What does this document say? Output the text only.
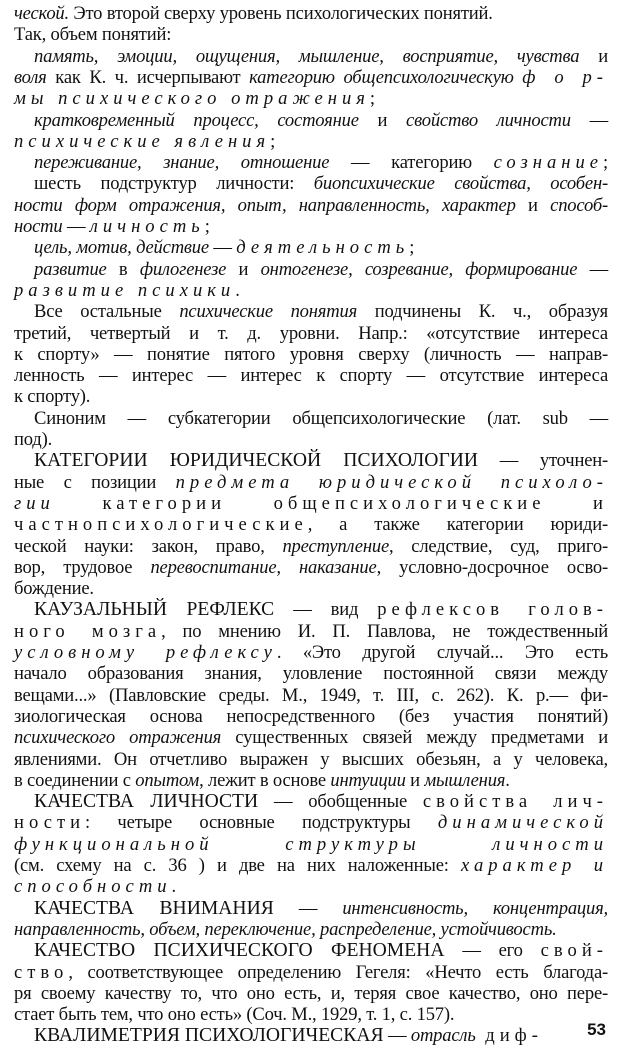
ческой. Это второй сверху уровень психологических понятий.
Так, объем понятий:
память, эмоции, ощущения, мышление, восприятие, чувства и
воля как К. ч. исчерпывают категорию общепсихологическую ф о р-
мы психического отражения;
кратковременный процесс, состояние и свойство личности —
психические явления;
переживание, знание, отношение — категорию сознание;
шесть подструктур личности: биопсихические свойства, особен-
ности форм отражения, опыт, направленность, характер и способ-
ности — личность;
цель, мотив, действие — деятельность;
развитие в филогенезе и онтогенезе, созревание, формирование —
развитие психики.
Все остальные психические понятия подчинены К. ч., образуя
третий, четвертый и т. д. уровни. Напр.: «отсутствие интереса
к спорту» — понятие пятого уровня сверху (личность — направ-
ленность — интерес — интерес к спорту — отсутствие интереса
к спорту).
Синоним — субкатегории общепсихологические (лат. sub —
под).
КАТЕГОРИИ ЮРИДИЧЕСКОЙ ПСИХОЛОГИИ — уточнен-
ные с позиции предмета юридической психоло-
гии категории общепсихологические и
частнопсихологические, а также категории юриди-
ческой науки: закон, право, преступление, следствие, суд, приго-
вор, трудовое перевоспитание, наказание, условно-досрочное осво-
бождение.
КАУЗАЛЬНЫЙ РЕФЛЕКС — вид рефлексов голов-
ного мозга, по мнению И. П. Павлова, не тождественный
условному рефлексу. «Это другой случай... Это есть
начало образования знания, уловление постоянной связи между
вещами...» (Павловские среды. М., 1949, т. III, с. 262). К. р.— фи-
зиологическая основа непосредственного (без участия понятий)
психического отражения существенных связей между предметами и
явлениями. Он отчетливо выражен у высших обезьян, а у человека,
в соединении с опытом, лежит в основе интуиции и мышления.
КАЧЕСТВА ЛИЧНОСТИ — обобщенные свойства лич-
ности: четыре основные подструктуры динамической
функциональной структуры личности
(см. схему на с. 36 ) и две на них наложенные: характер и
способности.
КАЧЕСТВА ВНИМАНИЯ — интенсивность, концентрация,
направленность, объем, переключение, распределение, устойчивость.
КАЧЕСТВО ПСИХИЧЕСКОГО ФЕНОМЕНА — его свой-
ство, соответствующее определению Гегеля: «Нечто есть благода-
ря своему качеству то, что оно есть, и, теряя свое качество, оно пере-
стает быть тем, что оно есть» (Соч. М., 1929, т. 1, с. 157).
КВАЛИМЕТРИЯ ПСИХОЛОГИЧЕСКАЯ — отрасль диф-	53
